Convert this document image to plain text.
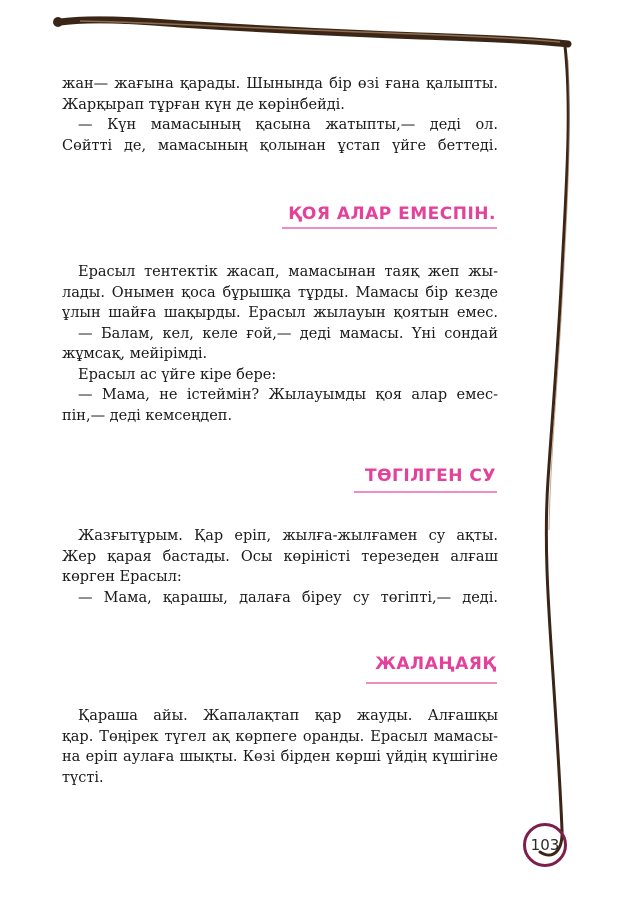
жан— жағына қарады. Шынында бір өзі ғана қалыпты.
Жарқырап тұрған күн де көрінбейді.
— Күн мамасының қасына жатыпты,— деді ол.
Сөйтті де, мамасының қолынан ұстап үйге беттеді.
ҚОЯ АЛАР ЕМЕСПІН.
Ерасыл тентектік жасап, мамасынан таяқ жеп жы-
лады. Онымен қоса бұрышқа тұрды. Мамасы бір кезде
ұлын шайға шақырды. Ерасыл жылауын қоятын емес.
— Балам, кел, келе ғой,— деді мамасы. Үні сондай
жұмсақ, мейірімді.
Ерасыл ас үйге кіре бере:
— Мама, не істеймін? Жылауымды қоя алар емес-
пін,— деді кемсеңдеп.
ТӨГІЛГЕН СУ
Жазғытұрым. Қар еріп, жылға-жылғамен су ақты.
Жер қарая бастады. Осы көріністі терезеден алғаш
көрген Ерасыл:
— Мама, қарашы, далаға біреу су төгіпті,— деді.
ЖАЛАҢАЯҚ
Қараша айы. Жапалақтап қар жауды. Алғашқы
қар. Төңірек түгел ақ көрпеге оранды. Ерасыл мамасы-
на еріп аулаға шықты. Көзі бірден көрші үйдің күшігіне
түсті.
103
